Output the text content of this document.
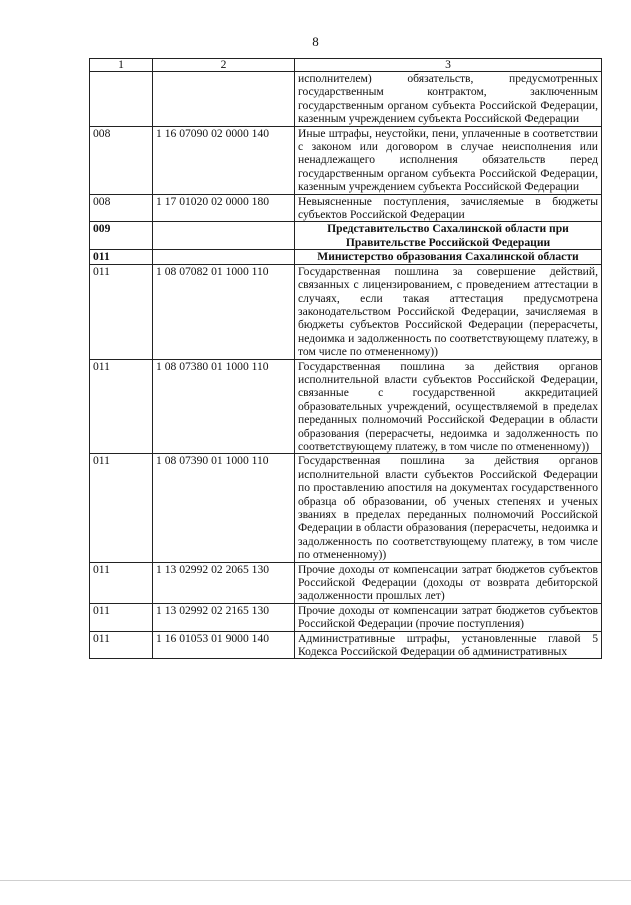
8
1	2	3
		исполнителем) обязательств, предусмотренных государственным контрактом, заключенным государственным органом субъекта Российской Федерации, казенным учреждением субъекта Российской Федерации
008	1 16 07090 02 0000 140	Иные штрафы, неустойки, пени, уплаченные в соответствии с законом или договором в случае неисполнения или ненадлежащего исполнения обязательств перед государственным органом субъекта Российской Федерации, казенным учреждением субъекта Российской Федерации
008	1 17 01020 02 0000 180	Невыясненные поступления, зачисляемые в бюджеты субъектов Российской Федерации
009		Представительство Сахалинской области при Правительстве Российской Федерации
011		Министерство образования Сахалинской области
011	1 08 07082 01 1000 110	Государственная пошлина за совершение действий, связанных с лицензированием, с проведением аттестации в случаях, если такая аттестация предусмотрена законодательством Российской Федерации, зачисляемая в бюджеты субъектов Российской Федерации (перерасчеты, недоимка и задолженность по соответствующему платежу, в том числе по отмененному))
011	1 08 07380 01 1000 110	Государственная пошлина за действия органов исполнительной власти субъектов Российской Федерации, связанные с государственной аккредитацией образовательных учреждений, осуществляемой в пределах переданных полномочий Российской Федерации в области образования (перерасчеты, недоимка и задолженность по соответствующему платежу, в том числе по отмененному))
011	1 08 07390 01 1000 110	Государственная пошлина за действия органов исполнительной власти субъектов Российской Федерации по проставлению апостиля на документах государственного образца об образовании, об ученых степенях и ученых званиях в пределах переданных полномочий Российской Федерации в области образования (перерасчеты, недоимка и задолженность по соответствующему платежу, в том числе по отмененному))
011	1 13 02992 02 2065 130	Прочие доходы от компенсации затрат бюджетов субъектов Российской Федерации (доходы от возврата дебиторской задолженности прошлых лет)
011	1 13 02992 02 2165 130	Прочие доходы от компенсации затрат бюджетов субъектов Российской Федерации (прочие поступления)
011	1 16 01053 01 9000 140	Административные штрафы, установленные главой 5 Кодекса Российской Федерации об административных
